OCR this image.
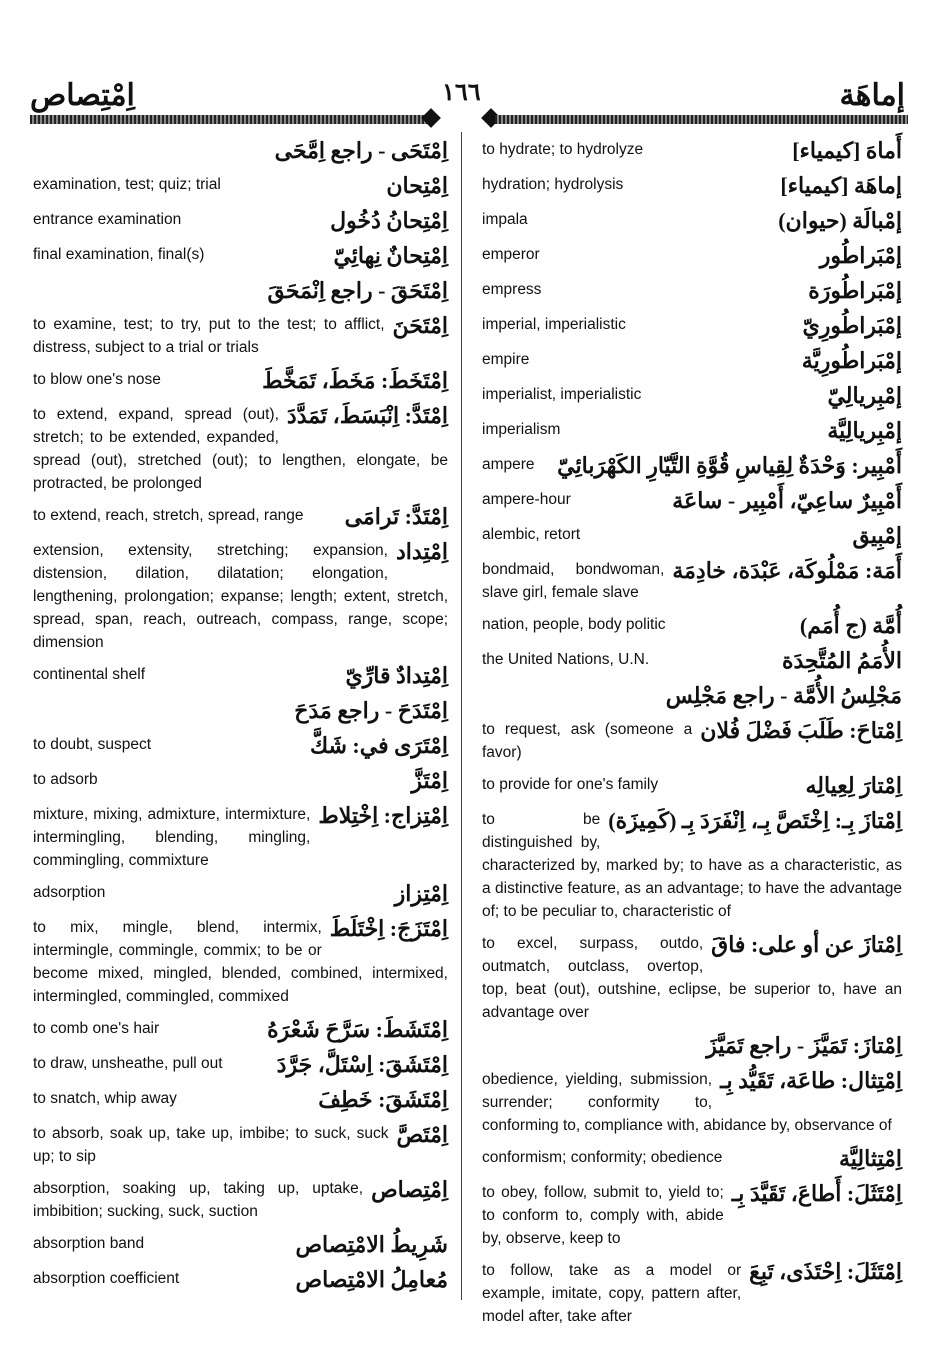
اِمْتِصاص	١٦٦	إماهَة
اِمْتَحَى - راجع اِمَّحَى
اِمْتِحان
examination, test; quiz; trial
اِمْتِحانُ دُخُول
entrance examination
اِمْتِحانٌ نِهائِيّ
final examination, final(s)
اِمْتَحَقَ - راجع اِنْمَحَقَ
اِمْتَحَنَ
to examine, test; to try, put to the test; to afflict, distress, subject to a trial or trials
اِمْتَخَطَ: مَخَطَ، تَمَخَّطَ
to blow one's nose
اِمْتَدَّ: اِنْبَسَطَ، تَمَدَّدَ
to extend, expand, spread (out), stretch; to be extended, expanded, spread (out), stretched (out); to lengthen, elongate, be protracted, be prolonged
اِمْتَدَّ: تَرامَى
to extend, reach, stretch, spread, range
اِمْتِداد
extension, extensity, stretching; expansion, distension, dilation, dilatation; elongation, lengthening, prolongation; expanse; length; extent, stretch, spread, span, reach, outreach, compass, range, scope; dimension
اِمْتِدادٌ قارِّيّ
continental shelf
اِمْتَدَحَ - راجع مَدَحَ
اِمْتَرَى في: شَكَّ
to doubt, suspect
اِمْتَزَّ
to adsorb
اِمْتِزاج: اِخْتِلاط
mixture, mixing, admixture, intermixture, intermingling, blending, mingling, commingling, commixture
اِمْتِزاز
adsorption
اِمْتَزَجَ: اِخْتَلَطَ
to mix, mingle, blend, intermix, intermingle, commingle, commix; to be or become mixed, mingled, blended, combined, intermixed, intermingled, commingled, commixed
اِمْتَشَطَ: سَرَّحَ شَعْرَهُ
to comb one's hair
اِمْتَشَقَ: اِسْتَلَّ، جَرَّدَ
to draw, unsheathe, pull out
اِمْتَشَقَ: خَطِفَ
to snatch, whip away
اِمْتَصَّ
to absorb, soak up, take up, imbibe; to suck, suck up; to sip
اِمْتِصاص
absorption, soaking up, taking up, uptake, imbibition; sucking, suck, suction
شَرِيطُ الامْتِصاص
absorption band
مُعامِلُ الامْتِصاص
absorption coefficient
أَماهَ [كيمياء]
to hydrate; to hydrolyze
إماهَة [كيمياء]
hydration; hydrolysis
إمْبالَة (حيوان)
impala
إمْبَراطُور
emperor
إمْبَراطُورَة
empress
إمْبَراطُورِيّ
imperial, imperialistic
إمْبَراطُورِيَّة
empire
إمْبِريالِيّ
imperialist, imperialistic
إمْبِريالِيَّة
imperialism
أَمْبِير: وَحْدَةٌ لِقِياسِ قُوَّةِ التَّيّارِ الكَهْرَبائِيّ
ampere
أَمْبِيرٌ ساعِيّ، أَمْبِير - ساعَة
ampere-hour
إمْبِيق
alembic, retort
أَمَة: مَمْلُوكَة، عَبْدَة، خادِمَة
bondmaid, bondwoman, slave girl, female slave
أُمَّة (ج أُمَم)
nation, people, body politic
الأُمَمُ المُتَّحِدَة
the United Nations, U.N.
مَجْلِسُ الأُمَّة - راجع مَجْلِس
اِمْتاحَ: طَلَبَ فَضْلَ فُلان
to request, ask (someone a favor)
اِمْتارَ لِعِيالِه
to provide for one's family
اِمْتازَ بِـ: اِخْتَصَّ بِـ، اِنْفَرَدَ بِـ (كَمِيزَة)
to be distinguished by, characterized by, marked by; to have as a characteristic, as a distinctive feature, as an advantage; to have the advantage of; to be peculiar to, characteristic of
اِمْتازَ عن أو على: فاقَ
to excel, surpass, outdo, outmatch, outclass, overtop, top, beat (out), outshine, eclipse, be superior to, have an advantage over
اِمْتازَ: تَمَيَّزَ - راجع تَمَيَّزَ
اِمْتِثال: طاعَة، تَقَيُّد بِـ
obedience, yielding, submission, surrender; conformity to, conforming to, compliance with, abidance by, observance of
اِمْتِثالِيَّة
conformism; conformity; obedience
اِمْتَثَلَ: أَطاعَ، تَقَيَّدَ بِـ
to obey, follow, submit to, yield to; to conform to, comply with, abide by, observe, keep to
اِمْتَثَلَ: اِحْتَذَى، تَبِعَ
to follow, take as a model or example, imitate, copy, pattern after, model after, take after
